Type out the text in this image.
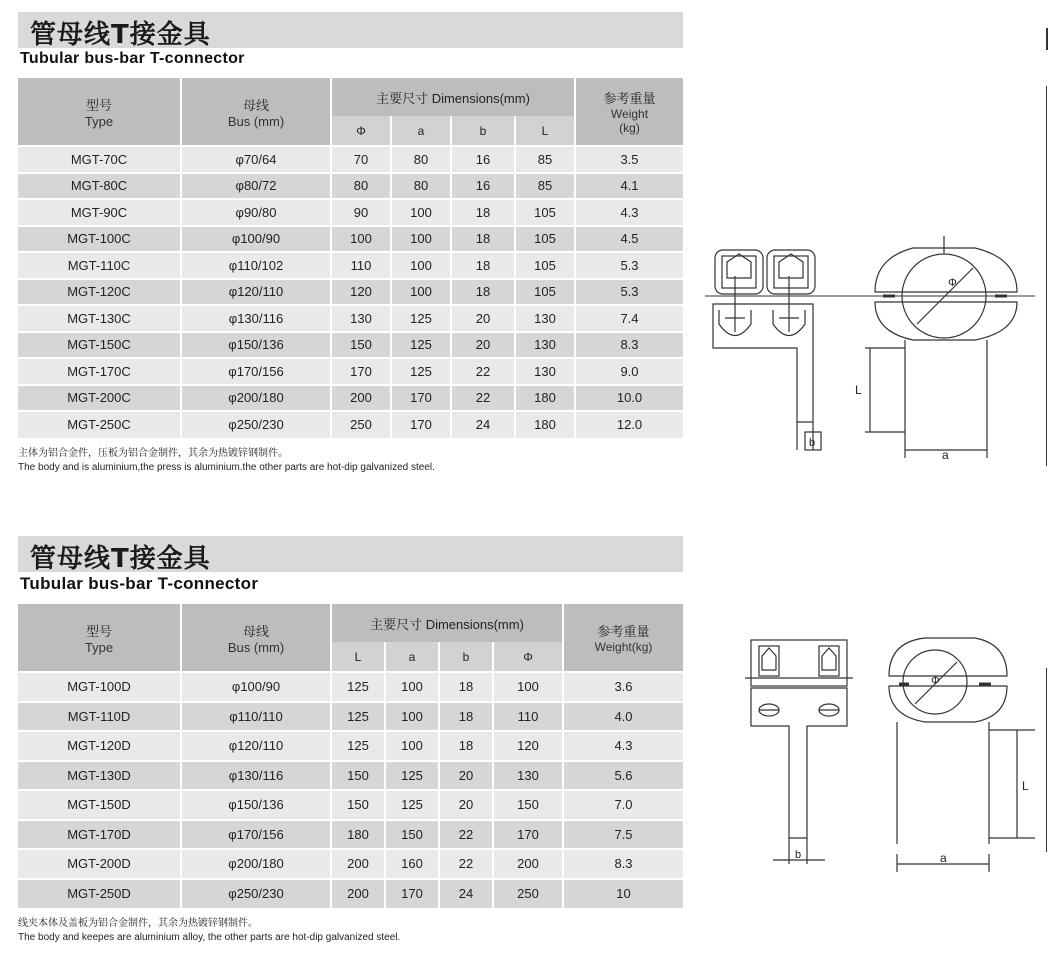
管母线T接金具
Tubular bus-bar T-connector
型号
Type	母线
Bus (mm)	主要尺寸 Dimensions(mm)				参考重量
Weight
(kg)

		Φ	a	b	L	
MGT-70C	φ70/64	70	80	16	85	3.5
MGT-80C	φ80/72	80	80	16	85	4.1
MGT-90C	φ90/80	90	100	18	105	4.3
MGT-100C	φ100/90	100	100	18	105	4.5
MGT-110C	φ110/102	110	100	18	105	5.3
MGT-120C	φ120/110	120	100	18	105	5.3
MGT-130C	φ130/116	130	125	20	130	7.4
MGT-150C	φ150/136	150	125	20	130	8.3
MGT-170C	φ170/156	170	125	22	130	9.0
MGT-200C	φ200/180	200	170	22	180	10.0
MGT-250C	φ250/230	250	170	24	180	12.0
主体为铝合金件，压板为铝合金制件，其余为热镀锌钢制件。
The body and is aluminium,the press is aluminium.the other parts are hot-dip galvanized steel.
Φ
L
a
b
管母线T接金具
Tubular bus-bar T-connector
型号
Type	母线
Bus (mm)	主要尺寸 Dimensions(mm)				参考重量
Weight(kg)

		L	a	b	Φ	
MGT-100D	φ100/90	125	100	18	100	3.6
MGT-110D	φ110/110	125	100	18	110	4.0
MGT-120D	φ120/110	125	100	18	120	4.3
MGT-130D	φ130/116	150	125	20	130	5.6
MGT-150D	φ150/136	150	125	20	150	7.0
MGT-170D	φ170/156	180	150	22	170	7.5
MGT-200D	φ200/180	200	160	22	200	8.3
MGT-250D	φ250/230	200	170	24	250	10
线夹本体及盖板为铝合金制件，其余为热镀锌钢制件。
The body and keepes are aluminium alloy, the other parts are hot-dip galvanized steel.
Φ
L
a
b
